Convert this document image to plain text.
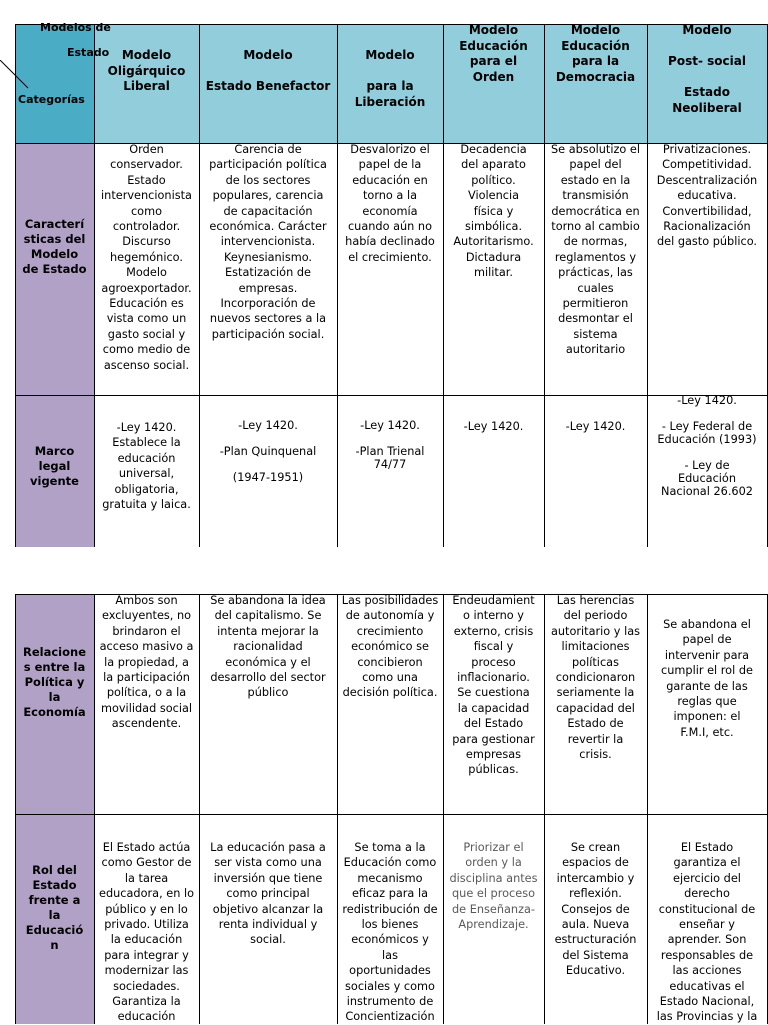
Modelos de
Estado
Categorías
Modelo
Oligárquico
Liberal
Modelo

Estado Benefactor
Modelo

para la
Liberación
Modelo
Educación
para el
Orden
Modelo
Educación
para la
Democracia
Modelo

Post- social

Estado
Neoliberal
Caracterí
sticas del
Modelo
de Estado
Orden
conservador.
Estado
intervencionista
como
controlador.
Discurso
hegemónico.
Modelo
agroexportador.
Educación es
vista como un
gasto social y
como medio de
ascenso social.
Carencia de
participación política
de los sectores
populares, carencia
de capacitación
económica. Carácter
intervencionista.
Keynesianismo.
Estatización de
empresas.
Incorporación de
nuevos sectores a la
participación social.
Desvalorizo el
papel de la
educación en
torno a la
economía
cuando aún no
había declinado
el crecimiento.
Decadencia
del aparato
político.
Violencia
física y
simbólica.
Autoritarismo.
Dictadura
militar.
Se absolutizo el
papel del
estado en la
transmisión
democrática en
torno al cambio
de normas,
reglamentos y
prácticas, las
cuales
permitieron
desmontar el
sistema
autoritario
Privatizaciones.
Competitividad.
Descentralización
educativa.
Convertibilidad,
Racionalización
del gasto público.
Marco
legal
vigente
-Ley 1420.
Establece la
educación
universal,
obligatoria,
gratuita y laica.
-Ley 1420.

-Plan Quinquenal

(1947-1951)
-Ley 1420.

-Plan Trienal
74/77
-Ley 1420.	-Ley 1420.
-Ley 1420.

- Ley Federal de
Educación (1993)

- Ley de
Educación
Nacional 26.602
Relacione
s entre la
Política y
la
Economía
Ambos son
excluyentes, no
brindaron el
acceso masivo a
la propiedad, a
la participación
política, o a la
movilidad social
ascendente.
Se abandona la idea
del capitalismo. Se
intenta mejorar la
racionalidad
económica y el
desarrollo del sector
público
Las posibilidades
de autonomía y
crecimiento
económico se
concibieron
como una
decisión política.
Endeudamient
o interno y
externo, crisis
fiscal y
proceso
inflacionario.
Se cuestiona
la capacidad
del Estado
para gestionar
empresas
públicas.
Las herencias
del periodo
autoritario y las
limitaciones
políticas
condicionaron
seriamente la
capacidad del
Estado de
revertir la
crisis.
Se abandona el
papel de
intervenir para
cumplir el rol de
garante de las
reglas que
imponen: el
F.M.I, etc.
Rol del
Estado
frente a
la
Educació
n
El Estado actúa
como Gestor de
la tarea
educadora, en lo
público y en lo
privado. Utiliza
la educación
para integrar y
modernizar las
sociedades.
Garantiza la
educación
La educación pasa a
ser vista como una
inversión que tiene
como principal
objetivo alcanzar la
renta individual y
social.
Se toma a la
Educación como
mecanismo
eficaz para la
redistribución de
los bienes
económicos y
las
oportunidades
sociales y como
instrumento de
Concientización
Priorizar el
orden y la
disciplina antes
que el proceso
de Enseñanza-
Aprendizaje.
Se crean
espacios de
intercambio y
reflexión.
Consejos de
aula. Nueva
estructuración
del Sistema
Educativo.
El Estado
garantiza el
ejercicio del
derecho
constitucional de
enseñar y
aprender. Son
responsables de
las acciones
educativas el
Estado Nacional,
las Provincias y la
